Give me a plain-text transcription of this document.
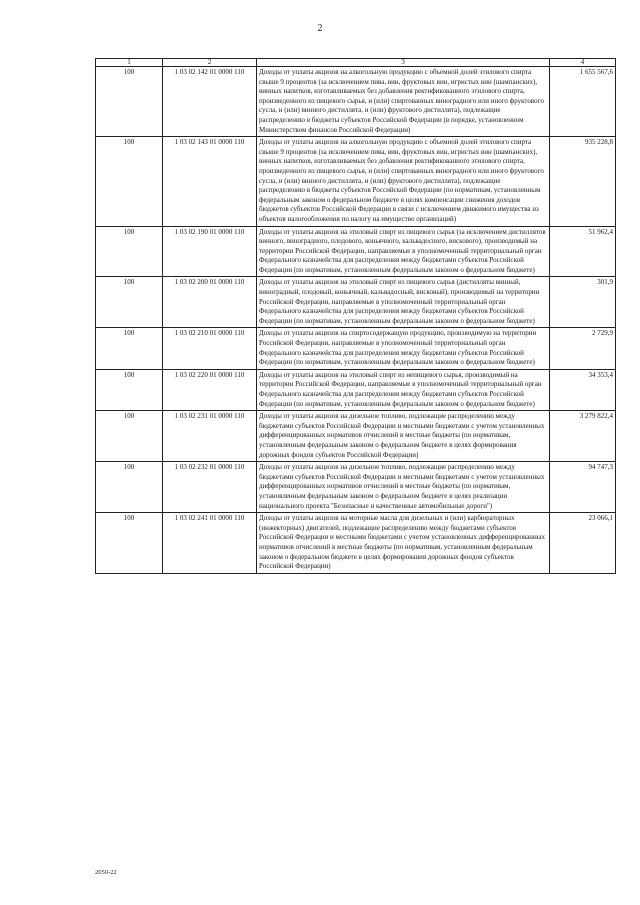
2
1	2	3	4
100	1 03 02 142 01 0000 110	Доходы от уплаты акцизов на алкогольную продукцию с объемной долей этилового спирта свыше 9 процентов (за исключением пива, вин, фруктовых вин, игристых вин (шампанских), винных напитков, изготавливаемых без добавления ректификованного этилового спирта, произведенного из пищевого сырья, и (или) спиртованных виноградного или иного фруктового сусла, и (или) винного дистиллята, и (или) фруктового дистиллята), подлежащие распределению в бюджеты субъектов Российской Федерации (в порядке, установленном Министерством финансов Российской Федерации)	1 655 567,6
100	1 03 02 143 01 0000 110	Доходы от уплаты акцизов на алкогольную продукцию с объемной долей этилового спирта свыше 9 процентов (за исключением пива, вин, фруктовых вин, игристых вин (шампанских), винных напитков, изготавливаемых без добавления ректификованного этилового спирта, произведенного из пищевого сырья, и (или) спиртованных виноградного или иного фруктового сусла, и (или) винного дистиллята, и (или) фруктового дистиллята), подлежащие распределению в бюджеты субъектов Российской Федерации (по нормативам, установленным федеральным законом о федеральном бюджете в целях компенсации снижения доходов бюджетов субъектов Российской Федерации в связи с исключением движимого имущества из объектов налогообложения по налогу на имущество организаций)	935 228,8
100	1 03 02 190 01 0000 110	Доходы от уплаты акцизов на этиловый спирт из пищевого сырья (за исключением дистиллятов винного, виноградного, плодового, коньячного, кальвадосного, вискового), производимый на территории Российской Федерации, направляемые в уполномоченный территориальный орган Федерального казначейства для распределения между бюджетами субъектов Российской Федерации (по нормативам, установленным федеральным законом о федеральном бюджете)	51 962,4
100	1 03 02 200 01 0000 110	Доходы от уплаты акцизов на этиловый спирт из пищевого сырья (дистилляты винный, виноградный, плодовый, коньячный, кальвадосный, висковый), производимый на территории Российской Федерации, направляемые в уполномоченный территориальный орган Федерального казначейства для распределения между бюджетами субъектов Российской Федерации (по нормативам, установленным федеральным законом о федеральном бюджете)	301,9
100	1 03 02 210 01 0000 110	Доходы от уплаты акцизов на спиртосодержащую продукцию, производимую на территории Российской Федерации, направляемые в уполномоченный территориальный орган Федерального казначейства для распределения между бюджетами субъектов Российской Федерации (по нормативам, установленным федеральным законом о федеральном бюджете)	2 729,9
100	1 03 02 220 01 0000 110	Доходы от уплаты акцизов на этиловый спирт из непищевого сырья, производимый на территории Российской Федерации, направляемые в уполномоченный территориальный орган Федерального казначейства для распределения между бюджетами субъектов Российской Федерации (по нормативам, установленным федеральным законом о федеральном бюджете)	34 353,4
100	1 03 02 231 01 0000 110	Доходы от уплаты акцизов на дизельное топливо, подлежащие распределению между бюджетами субъектов Российской Федерации и местными бюджетами с учетом установленных дифференцированных нормативов отчислений в местные бюджеты (по нормативам, установленным федеральным законом о федеральном бюджете в целях формирования дорожных фондов субъектов Российской Федерации)	3 279 822,4
100	1 03 02 232 01 0000 110	Доходы от уплаты акцизов на дизельное топливо, подлежащие распределению между бюджетами субъектов Российской Федерации и местными бюджетами с учетом установленных дифференцированных нормативов отчислений в местные бюджеты (по нормативам, установленным федеральным законом о федеральном бюджете в целях реализации национального проекта "Безопасные и качественные автомобильные дороги")	94 747,3
100	1 03 02 241 01 0000 110	Доходы от уплаты акцизов на моторные масла для дизельных и (или) карбюраторных (инжекторных) двигателей, подлежащие распределению между бюджетами субъектов Российской Федерации и местными бюджетами с учетом установленных дифференцированных нормативов отчислений в местные бюджеты (по нормативам, установленным федеральным законом о федеральном бюджете в целях формирования дорожных фондов субъектов Российской Федерации)	23 066,1
2050-22
